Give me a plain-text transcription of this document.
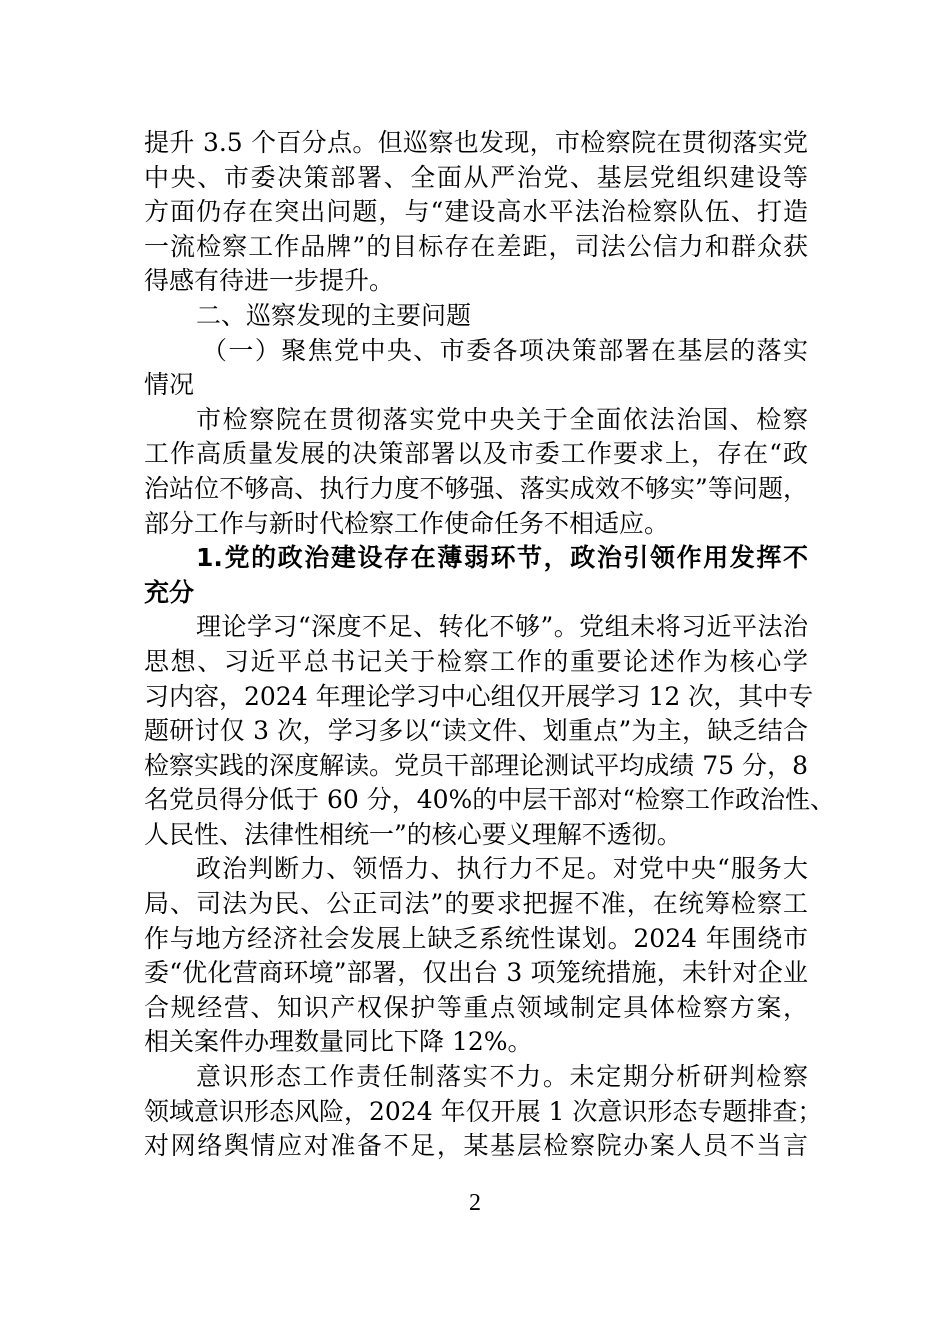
提升 3.5 个百分点。但巡察也发现，市检察院在贯彻落实党
中央、市委决策部署、全面从严治党、基层党组织建设等
方面仍存在突出问题，与“建设高水平法治检察队伍、打造
一流检察工作品牌”的目标存在差距，司法公信力和群众获
得感有待进一步提升。
二、巡察发现的主要问题
（一）聚焦党中央、市委各项决策部署在基层的落实
情况
市检察院在贯彻落实党中央关于全面依法治国、检察
工作高质量发展的决策部署以及市委工作要求上，存在“政
治站位不够高、执行力度不够强、落实成效不够实”等问题，
部分工作与新时代检察工作使命任务不相适应。
1.党的政治建设存在薄弱环节，政治引领作用发挥不
充分
理论学习“深度不足、转化不够”。党组未将习近平法治
思想、习近平总书记关于检察工作的重要论述作为核心学
习内容，2024 年理论学习中心组仅开展学习 12 次，其中专
题研讨仅 3 次，学习多以“读文件、划重点”为主，缺乏结合
检察实践的深度解读。党员干部理论测试平均成绩 75 分，8
名党员得分低于 60 分，40%的中层干部对“检察工作政治性、
人民性、法律性相统一”的核心要义理解不透彻。
政治判断力、领悟力、执行力不足。对党中央“服务大
局、司法为民、公正司法”的要求把握不准，在统筹检察工
作与地方经济社会发展上缺乏系统性谋划。2024 年围绕市
委“优化营商环境”部署，仅出台 3 项笼统措施，未针对企业
合规经营、知识产权保护等重点领域制定具体检察方案，
相关案件办理数量同比下降 12%。
意识形态工作责任制落实不力。未定期分析研判检察
领域意识形态风险，2024 年仅开展 1 次意识形态专题排查；
对网络舆情应对准备不足，某基层检察院办案人员不当言
2
